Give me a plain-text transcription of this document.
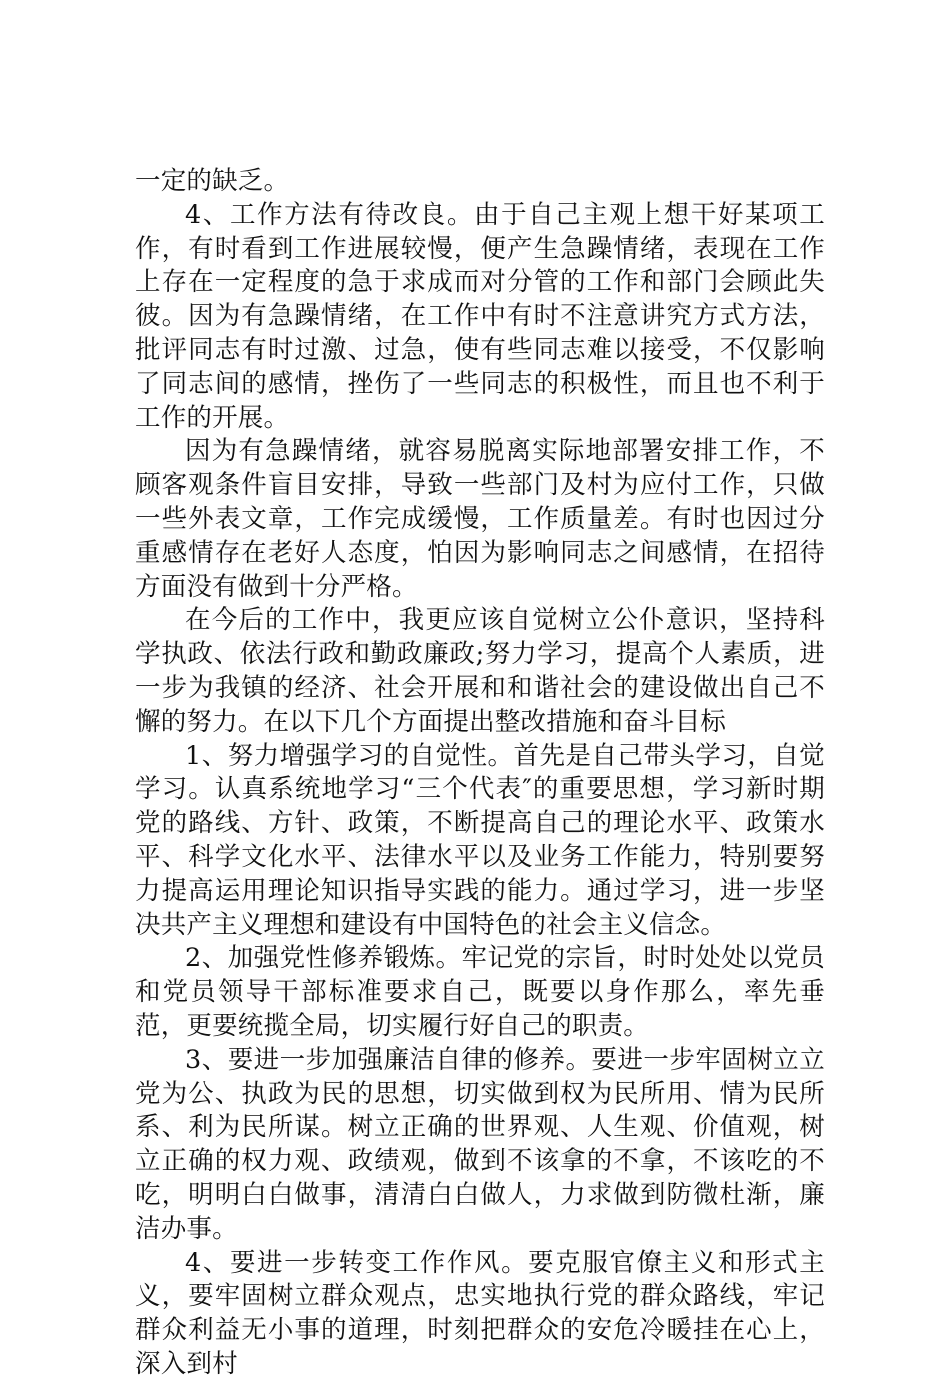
一定的缺乏。

4、工作方法有待改良。由于自己主观上想干好某项工作，有时看到工作进展较慢，便产生急躁情绪，表现在工作上存在一定程度的急于求成而对分管的工作和部门会顾此失彼。因为有急躁情绪，在工作中有时不注意讲究方式方法，批评同志有时过激、过急，使有些同志难以接受，不仅影响了同志间的感情，挫伤了一些同志的积极性，而且也不利于工作的开展。

因为有急躁情绪，就容易脱离实际地部署安排工作，不顾客观条件盲目安排，导致一些部门及村为应付工作，只做一些外表文章，工作完成缓慢，工作质量差。有时也因过分重感情存在老好人态度，怕因为影响同志之间感情，在招待方面没有做到十分严格。

在今后的工作中，我更应该自觉树立公仆意识，坚持科学执政、依法行政和勤政廉政;努力学习，提高个人素质，进一步为我镇的经济、社会开展和和谐社会的建设做出自己不懈的努力。在以下几个方面提出整改措施和奋斗目标

1、努力增强学习的自觉性。首先是自己带头学习，自觉学习。认真系统地学习“三个代表″的重要思想，学习新时期党的路线、方针、政策，不断提高自己的理论水平、政策水平、科学文化水平、法律水平以及业务工作能力，特别要努力提高运用理论知识指导实践的能力。通过学习，进一步坚决共产主义理想和建设有中国特色的社会主义信念。

2、加强党性修养锻炼。牢记党的宗旨，时时处处以党员和党员领导干部标准要求自己，既要以身作那么，率先垂范，更要统揽全局，切实履行好自己的职责。

3、要进一步加强廉洁自律的修养。要进一步牢固树立立党为公、执政为民的思想，切实做到权为民所用、情为民所系、利为民所谋。树立正确的世界观、人生观、价值观，树立正确的权力观、政绩观，做到不该拿的不拿，不该吃的不吃，明明白白做事，清清白白做人，力求做到防微杜渐，廉洁办事。

4、要进一步转变工作作风。要克服官僚主义和形式主义，要牢固树立群众观点，忠实地执行党的群众路线，牢记群众利益无小事的道理，时刻把群众的安危冷暖挂在心上，深入到村
